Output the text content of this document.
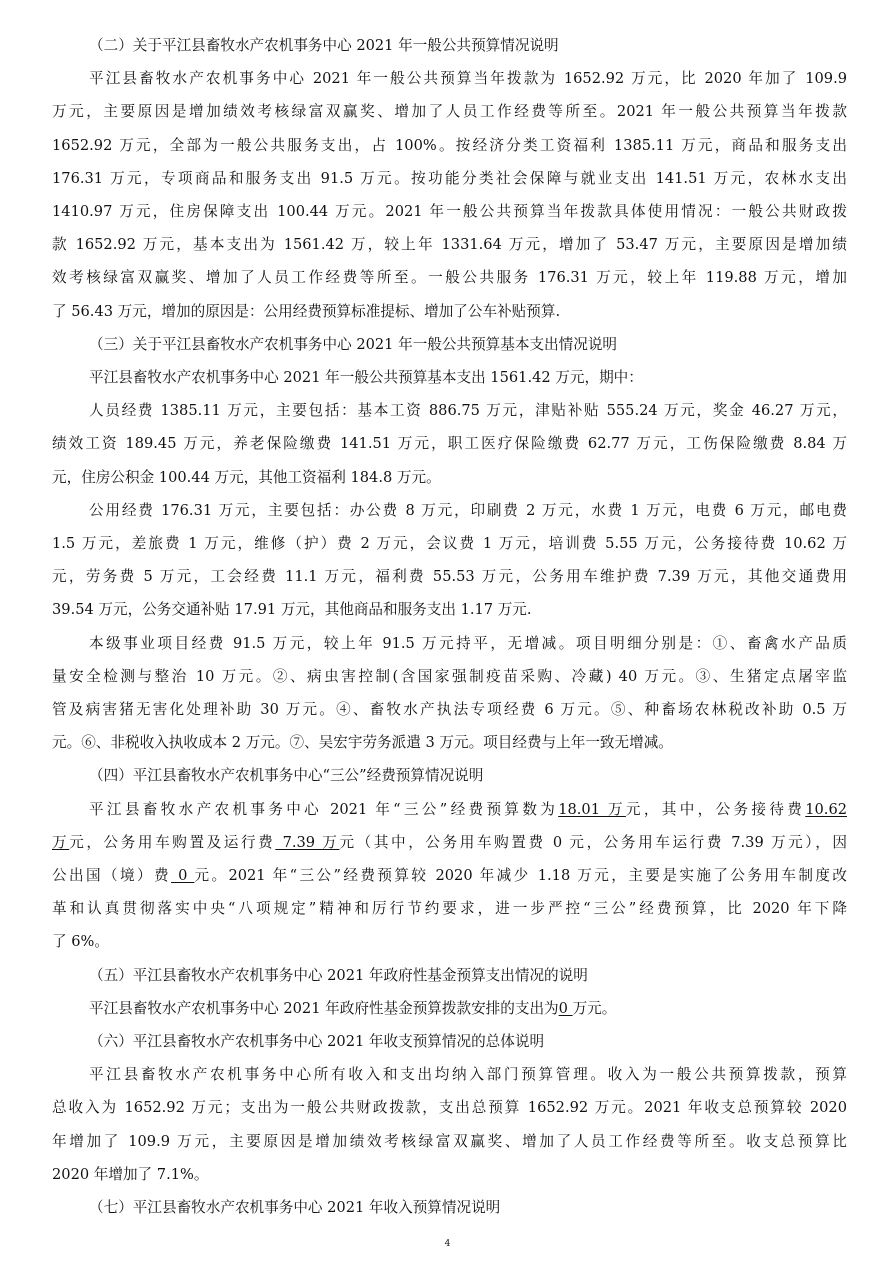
（二）关于平江县畜牧水产农机事务中心 2021 年一般公共预算情况说明
平江县畜牧水产农机事务中心 2021 年一般公共预算当年拨款为 1652.92 万元，比 2020 年加了 109.9
万元，主要原因是增加绩效考核绿富双赢奖、增加了人员工作经费等所至。2021 年一般公共预算当年拨款
1652.92 万元，全部为一般公共服务支出，占 100%。按经济分类工资福利 1385.11 万元，商品和服务支出
176.31 万元，专项商品和服务支出 91.5 万元。按功能分类社会保障与就业支出 141.51 万元，农林水支出
1410.97 万元，住房保障支出 100.44 万元。2021 年一般公共预算当年拨款具体使用情况：一般公共财政拨
款 1652.92 万元，基本支出为 1561.42 万，较上年 1331.64 万元，增加了 53.47 万元，主要原因是增加绩
效考核绿富双赢奖、增加了人员工作经费等所至。一般公共服务 176.31 万元，较上年 119.88 万元，增加
了 56.43 万元，增加的原因是：公用经费预算标准提标、增加了公车补贴预算.
（三）关于平江县畜牧水产农机事务中心 2021 年一般公共预算基本支出情况说明
平江县畜牧水产农机事务中心 2021 年一般公共预算基本支出 1561.42 万元，期中：
人员经费 1385.11 万元，主要包括：基本工资 886.75 万元，津贴补贴 555.24 万元，奖金 46.27 万元，
绩效工资 189.45 万元，养老保险缴费 141.51 万元，职工医疗保险缴费 62.77 万元，工伤保险缴费 8.84 万
元，住房公积金 100.44 万元，其他工资福利 184.8 万元。
公用经费 176.31 万元，主要包括：办公费 8 万元，印刷费 2 万元，水费 1 万元，电费 6 万元，邮电费
1.5 万元，差旅费 1 万元，维修（护）费 2 万元，会议费 1 万元，培训费 5.55 万元，公务接待费 10.62 万
元，劳务费 5 万元，工会经费 11.1 万元，福利费 55.53 万元，公务用车维护费 7.39 万元，其他交通费用
39.54 万元，公务交通补贴 17.91 万元，其他商品和服务支出 1.17 万元.
本级事业项目经费 91.5 万元，较上年 91.5 万元持平，无增减。项目明细分别是：①、畜禽水产品质
量安全检测与整治 10 万元。②、病虫害控制(含国家强制疫苗采购、冷藏) 40 万元。③、生猪定点屠宰监
管及病害猪无害化处理补助 30 万元。④、畜牧水产执法专项经费 6 万元。⑤、种畜场农林税改补助 0.5 万
元。⑥、非税收入执收成本 2 万元。⑦、吴宏宇劳务派遣 3 万元。项目经费与上年一致无增减。
（四）平江县畜牧水产农机事务中心“三公”经费预算情况说明
平江县畜牧水产农机事务中心 2021 年“三公”经费预算数为18.01 万元，其中，公务接待费10.62
万元，公务用车购置及运行费 7.39 万元（其中，公务用车购置费 0 元，公务用车运行费 7.39 万元），因
公出国（境）费 0 元。2021 年“三公”经费预算较 2020 年减少 1.18 万元，主要是实施了公务用车制度改
革和认真贯彻落实中央“八项规定”精神和厉行节约要求，进一步严控“三公”经费预算，比 2020 年下降
了 6%。
（五）平江县畜牧水产农机事务中心 2021 年政府性基金预算支出情况的说明
平江县畜牧水产农机事务中心 2021 年政府性基金预算拨款安排的支出为0 万元。
（六）平江县畜牧水产农机事务中心 2021 年收支预算情况的总体说明
平江县畜牧水产农机事务中心所有收入和支出均纳入部门预算管理。收入为一般公共预算拨款，预算
总收入为 1652.92 万元；支出为一般公共财政拨款，支出总预算 1652.92 万元。2021 年收支总预算较 2020
年增加了 109.9 万元，主要原因是增加绩效考核绿富双赢奖、增加了人员工作经费等所至。收支总预算比
2020 年增加了 7.1%。
（七）平江县畜牧水产农机事务中心 2021 年收入预算情况说明
4
